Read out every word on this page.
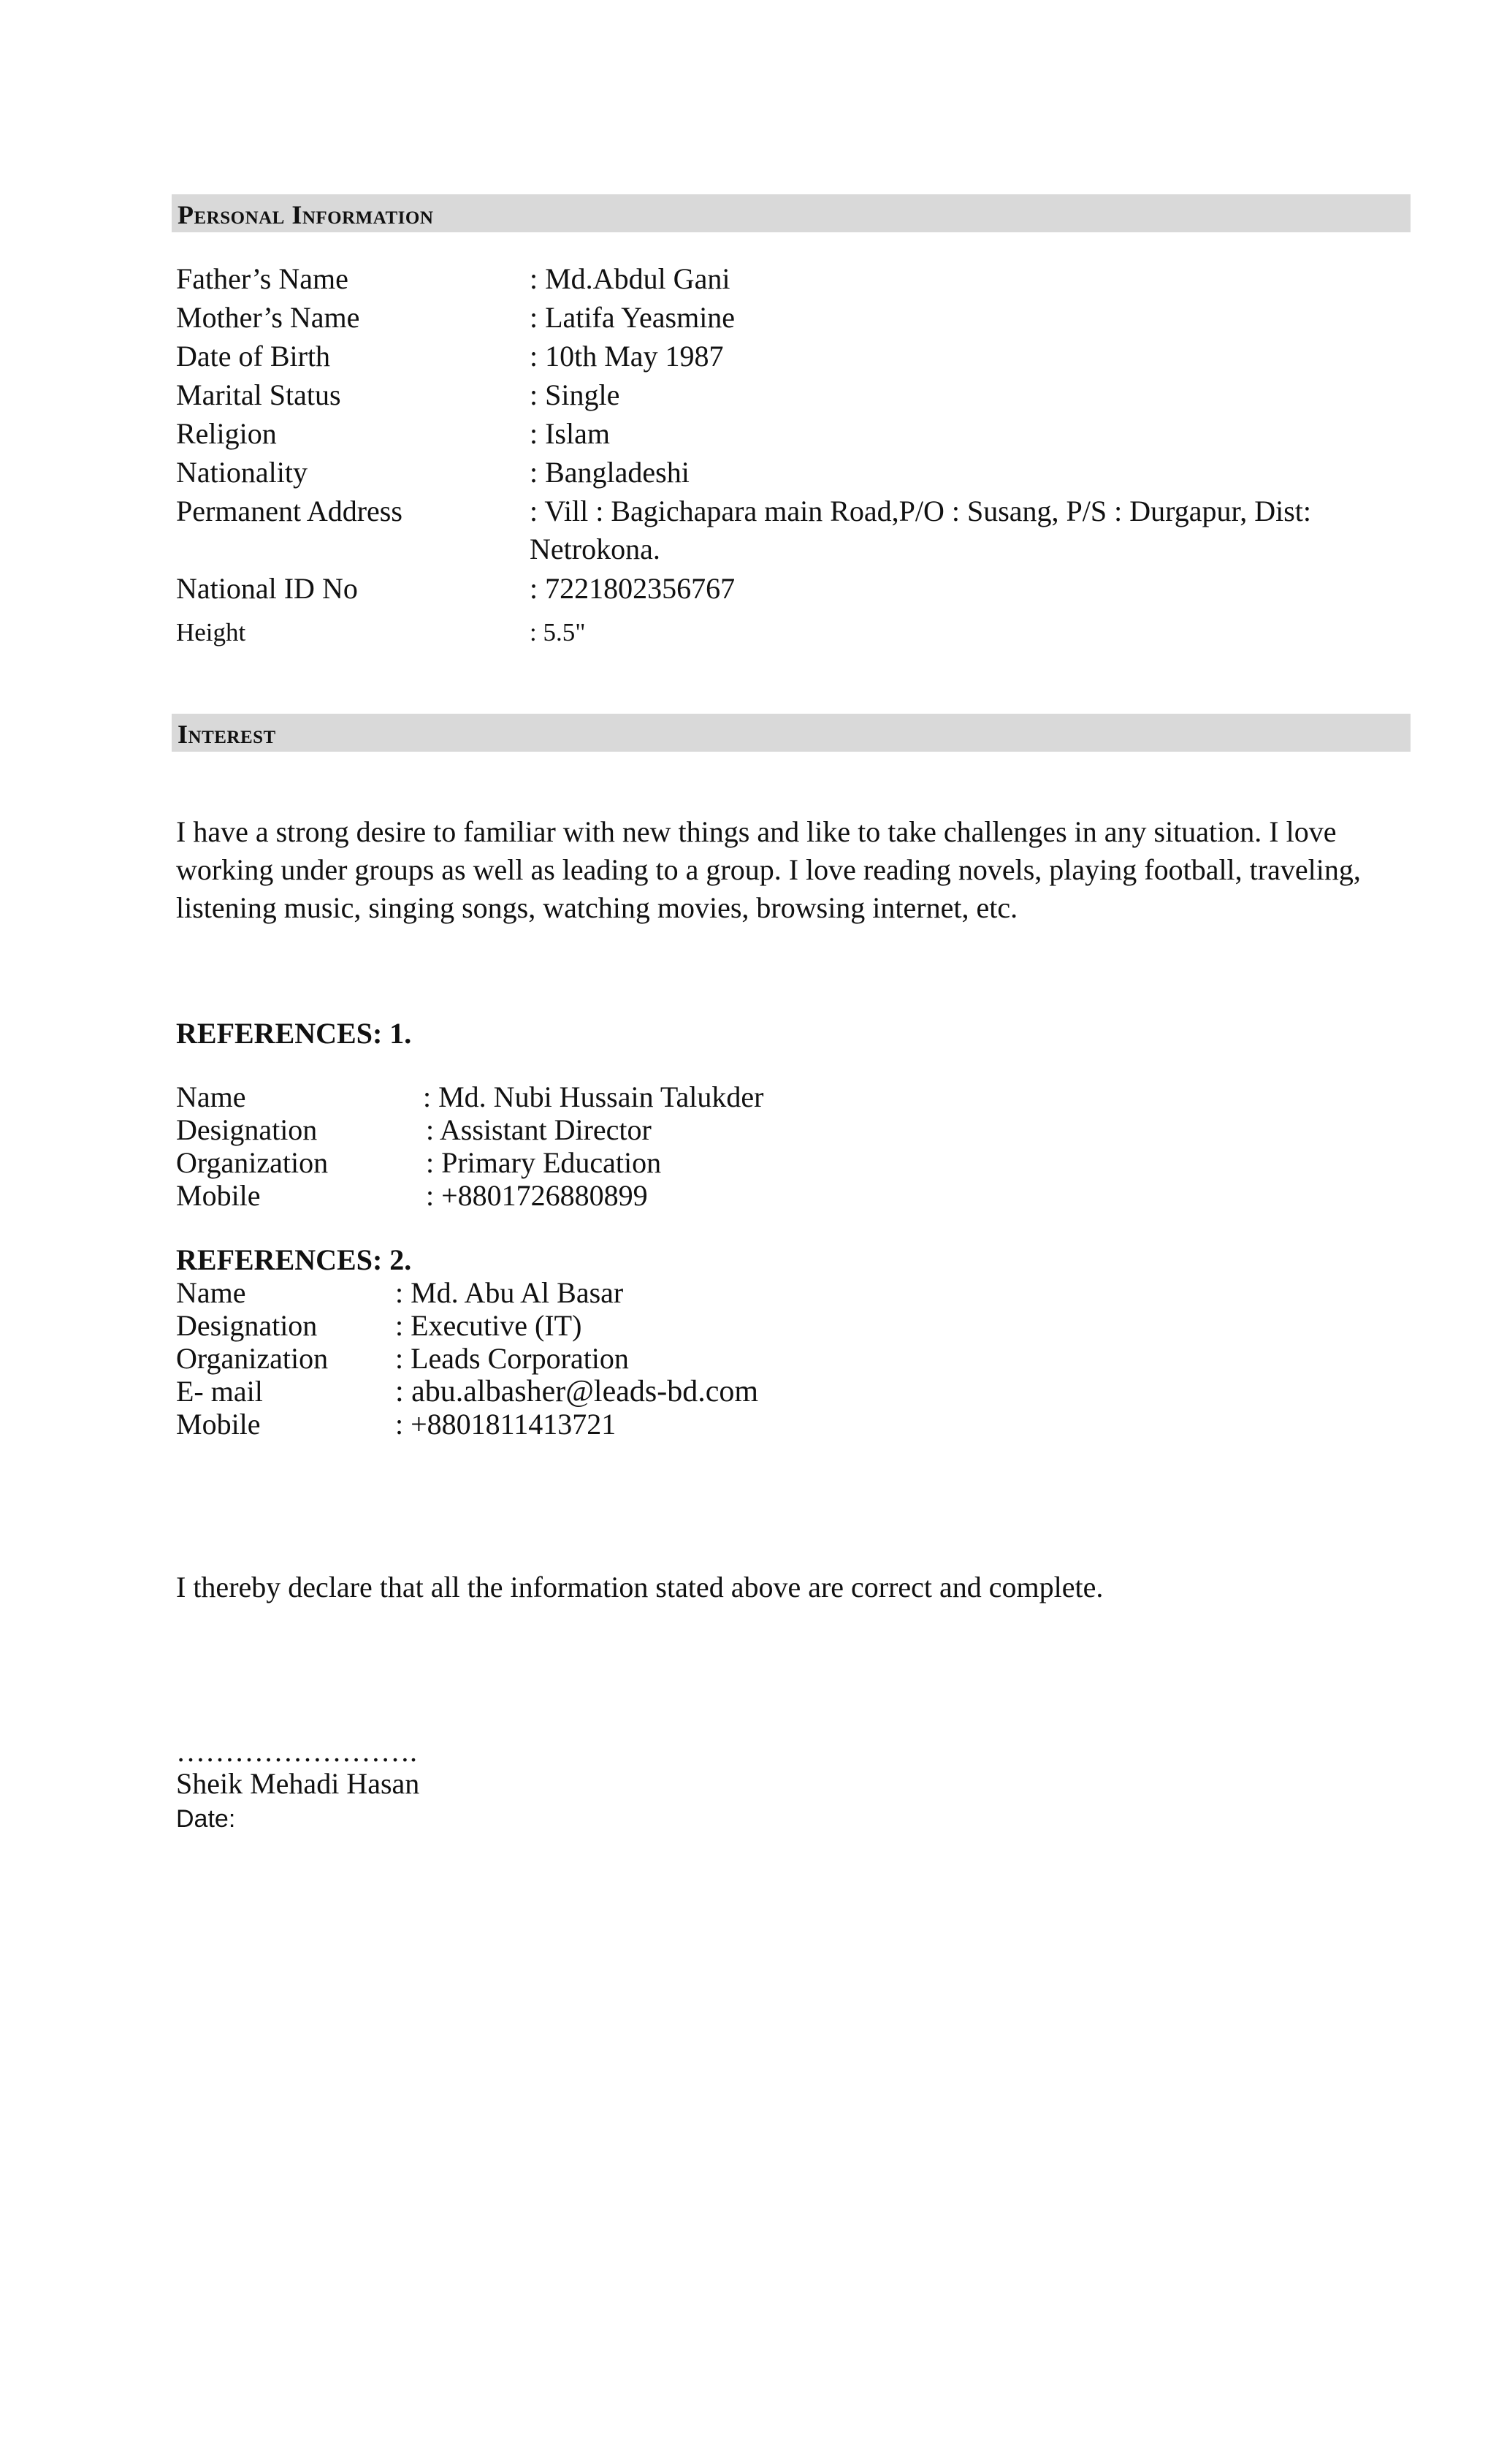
Personal Information
Father’s Name	: Md.Abdul Gani
Mother’s Name	: Latifa Yeasmine
Date of Birth	: 10th May 1987
Marital Status	: Single
Religion	: Islam
Nationality	: Bangladeshi
Permanent Address	: Vill : Bagichapara main Road,P/O : Susang, P/S : Durgapur, Dist: Netrokona.
National ID No	: 7221802356767
Height	: 5.5"
Interest
I have a strong desire to familiar with new things and like to take challenges in any situation. I love working under groups as well as leading to a group. I love reading novels, playing football, traveling, listening music, singing songs, watching movies, browsing internet, etc.
REFERENCES: 1.
Name	: Md. Nubi Hussain Talukder
Designation	: Assistant Director
Organization	: Primary Education
Mobile	: +8801726880899
REFERENCES: 2.
Name	: Md. Abu Al Basar
Designation	: Executive (IT)
Organization : Leads Corporation
E- mail	: abu.albasher@leads-bd.com
Mobile	: +8801811413721
I thereby declare that all the information stated above are correct and complete.
…………………….
Sheik Mehadi Hasan
Date:
